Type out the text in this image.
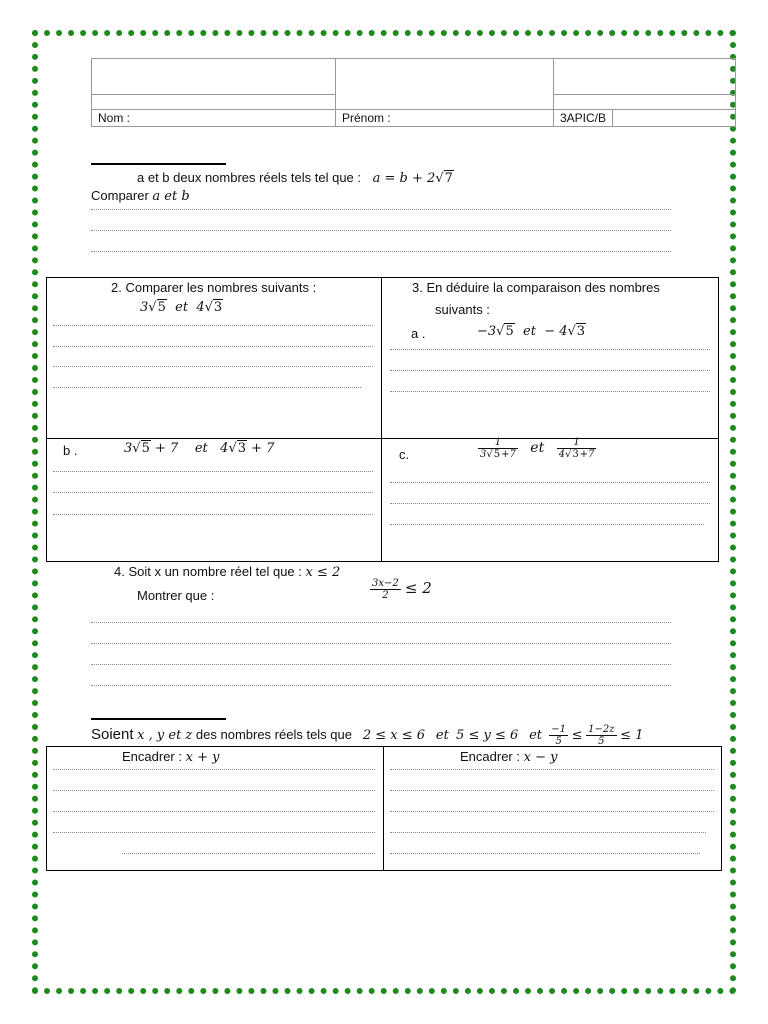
Nom :	Prénom :	3APIC/B	
a et b deux nombres réels tels tel que : a = b + 2√7
Comparer a et b
2. Comparer les nombres suivants :
3√5 et 4√3
3. En déduire la comparaison des nombres
suivants :
a .	−3√5 et − 4√3
b .	3√5 + 7 et 4√3 + 7	c.	$\frac{1}{3√5+7}$ et $\frac{1}{4√3+7}$
4. Soit x un nombre réel tel que : x ≤ 2
Montrer que :	$\frac{3x-2}{2} \le 2$
Soient x , y et z des nombres réels tels que 2 ≤ x ≤ 6 et 5 ≤ y ≤ 6 et $\frac{-1}{5} \le \frac{1-2z}{5} \le 1$
Encadrer : x + y	Encadrer : x − y
